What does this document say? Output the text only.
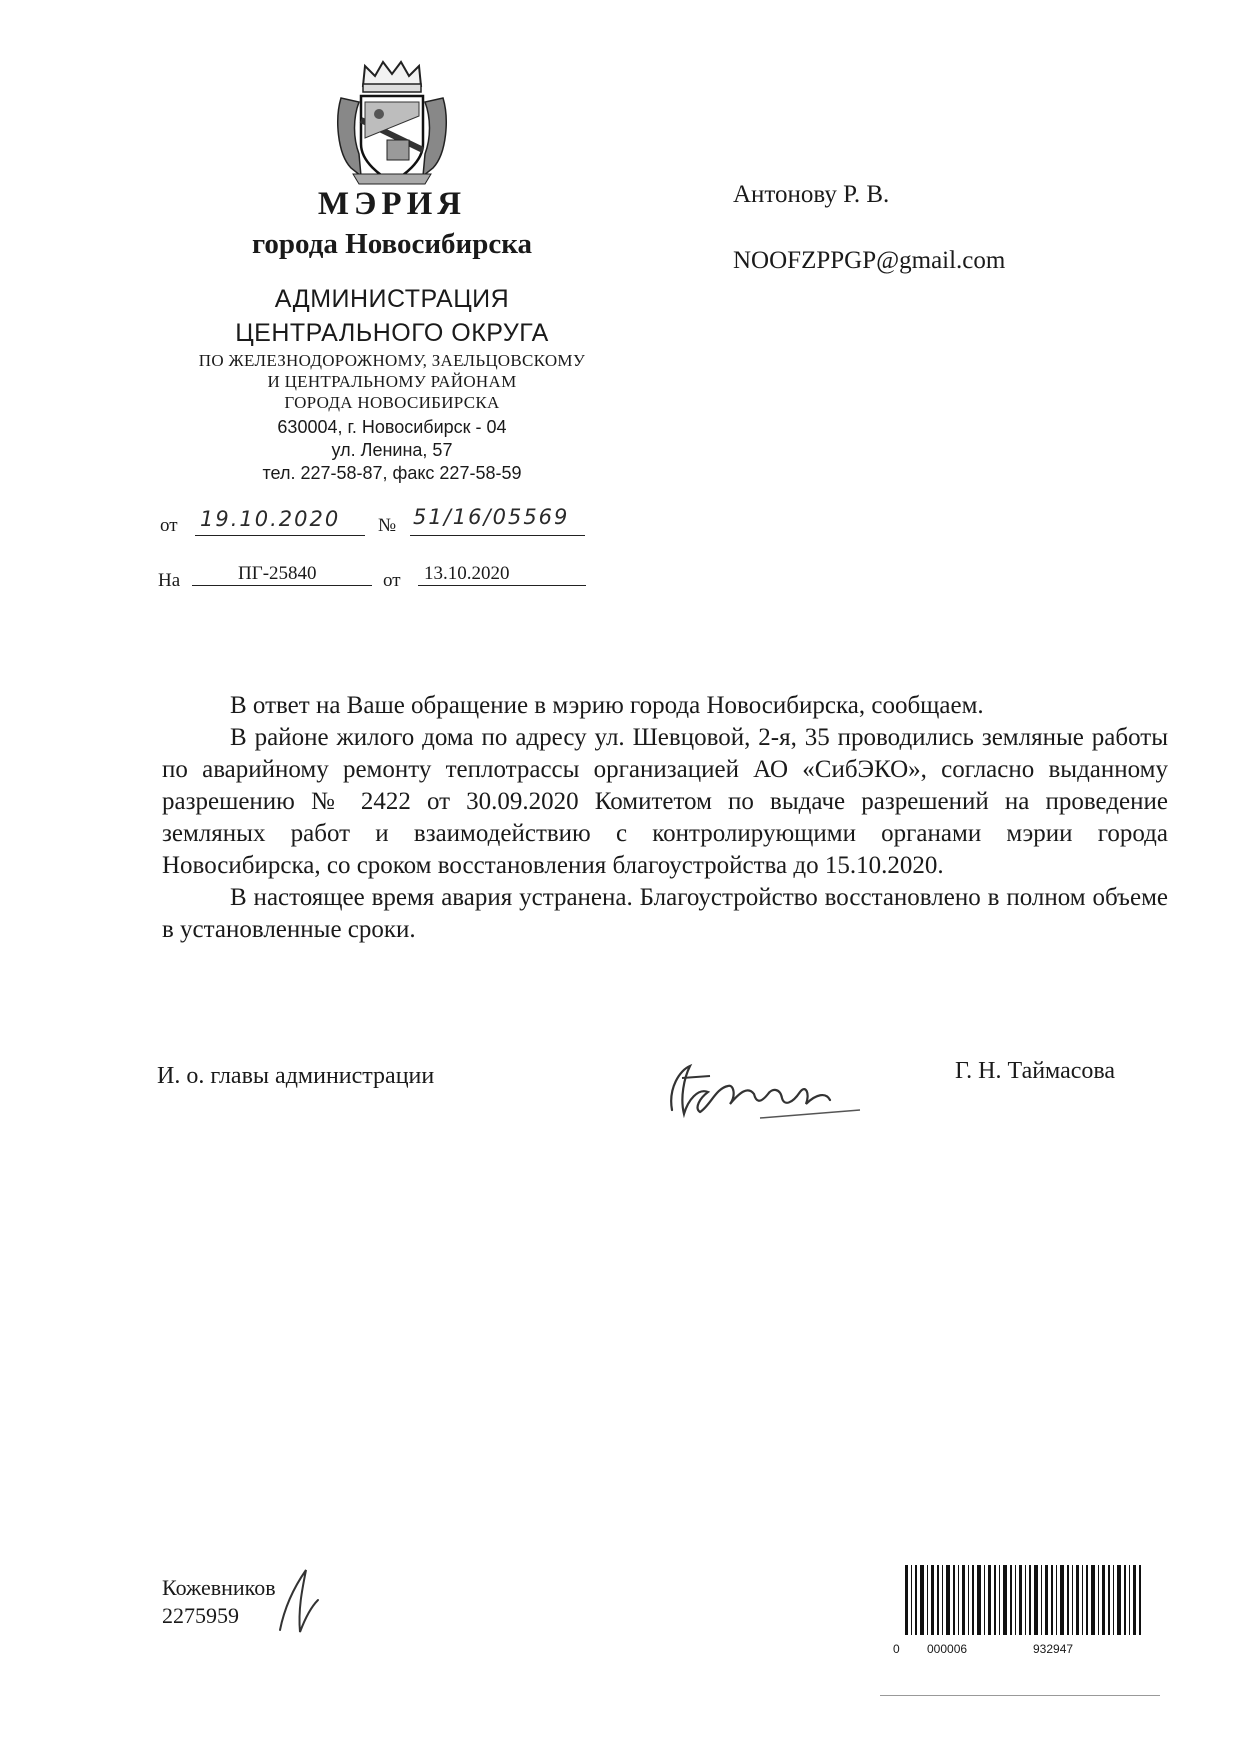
МЭРИЯ
города Новосибирска
АДМИНИСТРАЦИЯ
ЦЕНТРАЛЬНОГО ОКРУГА
ПО ЖЕЛЕЗНОДОРОЖНОМУ, ЗАЕЛЬЦОВСКОМУ
И ЦЕНТРАЛЬНОМУ РАЙОНАМ
ГОРОДА НОВОСИБИРСКА
630004, г. Новосибирск - 04
ул. Ленина, 57
тел. 227-58-87, факс 227-58-59
от 19.10.2020 № 51/16/05569
На	ПГ-25840	от 13.10.2020
Антонову Р. В.
NOOFZPPGP@gmail.com

В ответ на Ваше обращение в мэрию города Новосибирска, сообщаем.

В районе жилого дома по адресу ул. Шевцовой, 2-я, 35 проводились земляные работы по аварийному ремонту теплотрассы организацией АО «СибЭКО», согласно выданному разрешению № 2422 от 30.09.2020 Комитетом по выдаче разрешений на проведение земляных работ и взаимодействию с контролирующими органами мэрии города Новосибирска, со сроком восстановления благоустройства до 15.10.2020.

В настоящее время авария устранена. Благоустройство восстановлено в полном объеме в установленные сроки.

И. о. главы администрации	Г. Н. Таймасова
Кожевников
2275959
0 000006	932947
